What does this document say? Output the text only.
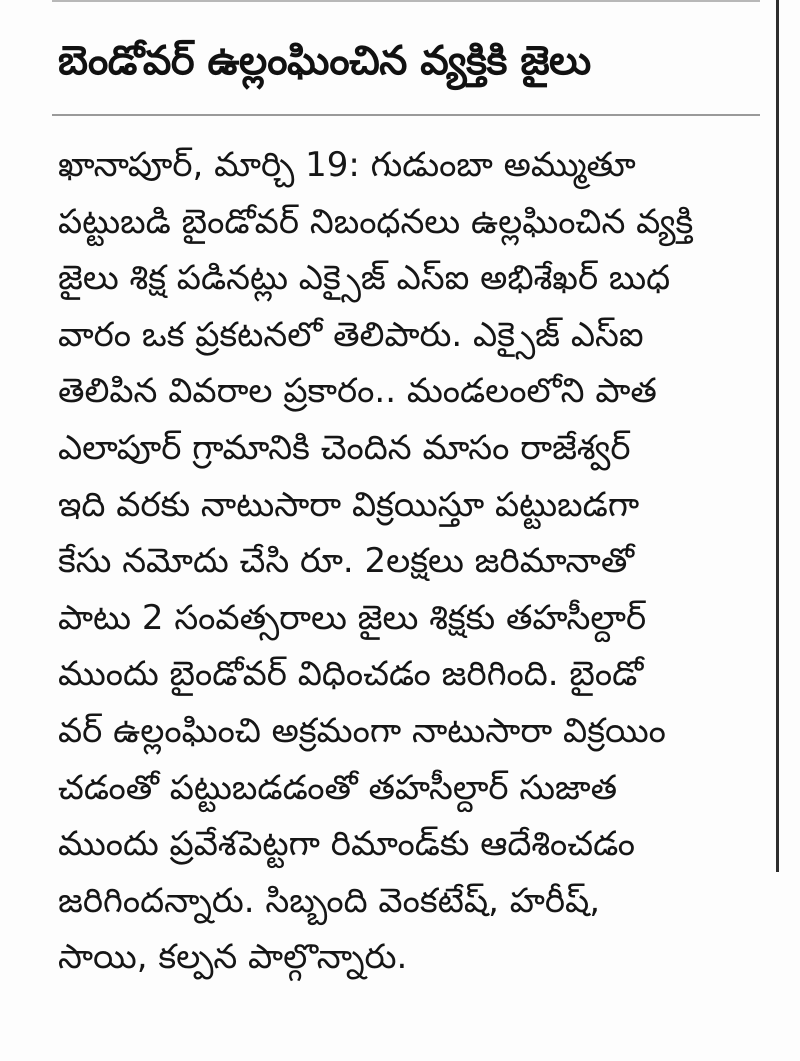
బెండోవర్ ఉల్లంఘించిన వ్యక్తికి జైలు
ఖానాపూర్, మార్చి 19: గుడుంబా అమ్ముతూ
పట్టుబడి బైండోవర్ నిబంధనలు ఉల్లఘించిన వ్యక్తి
జైలు శిక్ష పడినట్లు ఎక్సైజ్ ఎస్ఐ అభిశేఖర్ బుధ
వారం ఒక ప్రకటనలో తెలిపారు. ఎక్సైజ్ ఎస్ఐ
తెలిపిన వివరాల ప్రకారం.. మండలంలోని పాత
ఎలాపూర్ గ్రామానికి చెందిన మాసం రాజేశ్వర్
ఇది వరకు నాటుసారా విక్రయిస్తూ పట్టుబడగా
కేసు నమోదు చేసి రూ. 2లక్షలు జరిమానాతో
పాటు 2 సంవత్సరాలు జైలు శిక్షకు తహసీల్దార్
ముందు బైండోవర్ విధించడం జరిగింది. బైండో
వర్ ఉల్లంఘించి అక్రమంగా నాటుసారా విక్రయిం
చడంతో పట్టుబడడంతో తహసీల్దార్ సుజాత
ముందు ప్రవేశపెట్టగా రిమాండ్‌కు ఆదేశించడం
జరిగిందన్నారు. సిబ్బంది వెంకటేష్, హరీష్,
సాయి, కల్పన పాల్గొన్నారు.
